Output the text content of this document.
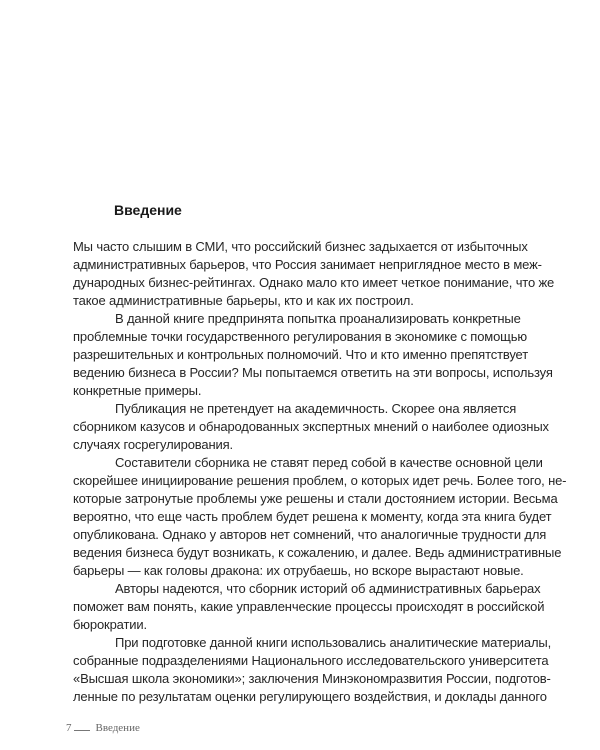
Введение
Мы часто слышим в СМИ, что российский бизнес задыхается от избыточных
административных барьеров, что Россия занимает неприглядное место в меж-
дународных бизнес-рейтингах. Однако мало кто имеет четкое понимание, что же
такое административные барьеры, кто и как их построил.
В данной книге предпринята попытка проанализировать конкретные
проблемные точки государственного регулирования в экономике с помощью
разрешительных и контрольных полномочий. Что и кто именно препятствует
ведению бизнеса в России? Мы попытаемся ответить на эти вопросы, используя
конкретные примеры.
Публикация не претендует на академичность. Скорее она является
сборником казусов и обнародованных экспертных мнений о наиболее одиозных
случаях госрегулирования.
Составители сборника не ставят перед собой в качестве основной цели
скорейшее инициирование решения проблем, о которых идет речь. Более того, не-
которые затронутые проблемы уже решены и стали достоянием истории. Весьма
вероятно, что еще часть проблем будет решена к моменту, когда эта книга будет
опубликована. Однако у авторов нет сомнений, что аналогичные трудности для
ведения бизнеса будут возникать, к сожалению, и далее. Ведь административные
барьеры — как головы дракона: их отрубаешь, но вскоре вырастают новые.
Авторы надеются, что сборник историй об административных барьерах
поможет вам понять, какие управленческие процессы происходят в российской
бюрократии.
При подготовке данной книги использовались аналитические материалы,
собранные подразделениями Национального исследовательского университета
«Высшая школа экономики»; заключения Минэкономразвития России, подготов-
ленные по результатам оценки регулирующего воздействия, и доклады данного
7 Введение
